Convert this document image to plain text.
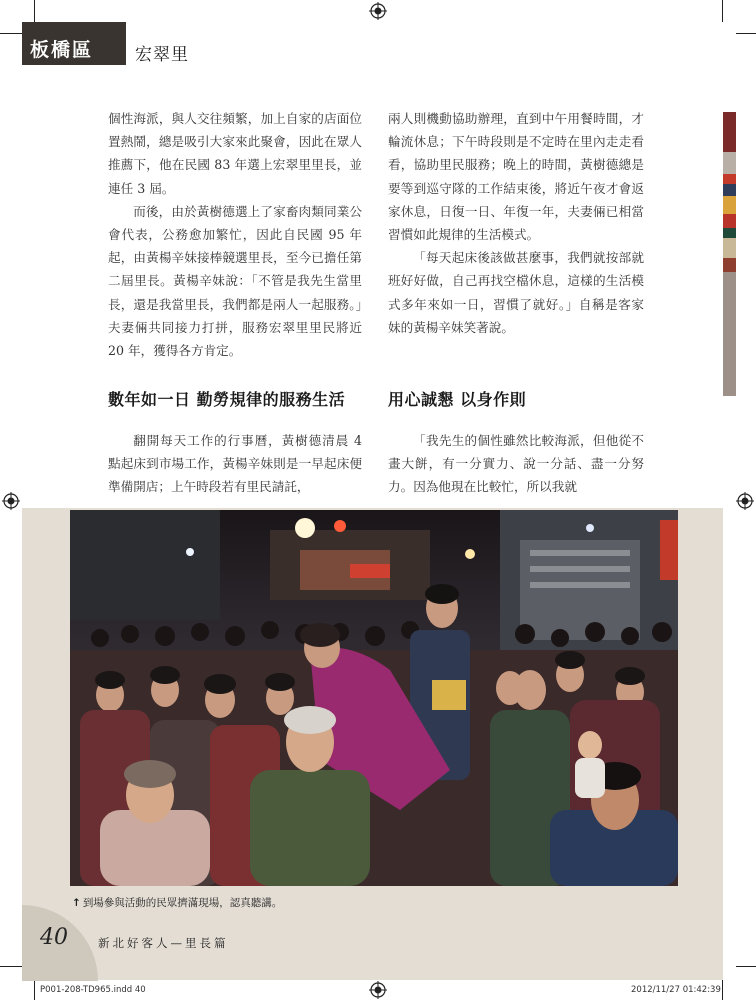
板橋區 宏翠里

個性海派，與人交往頻繁，加上自家的店面位置熱鬧，總是吸引大家來此聚會，因此在眾人推薦下，他在民國 83 年選上宏翠里里長，並連任 3 屆。

而後，由於黃樹德選上了家畜肉類同業公會代表，公務愈加繁忙，因此自民國 95 年起，由黃楊辛妹接棒競選里長，至今已擔任第二屆里長。黃楊辛妹說：「不管是我先生當里長，還是我當里長，我們都是兩人一起服務。」夫妻倆共同接力打拼，服務宏翠里里民將近 20 年，獲得各方肯定。

兩人則機動協助辦理，直到中午用餐時間，才輪流休息；下午時段則是不定時在里內走走看看，協助里民服務；晚上的時間，黃樹德總是要等到巡守隊的工作結束後，將近午夜才會返家休息，日復一日、年復一年，夫妻倆已相當習慣如此規律的生活模式。

「每天起床後該做甚麼事，我們就按部就班好好做，自己再找空檔休息，這樣的生活模式多年來如一日，習慣了就好。」自稱是客家妹的黃楊辛妹笑著說。

數年如一日 勤勞規律的服務生活	用心誠懇 以身作則

翻開每天工作的行事曆，黃樹德清晨 4 點起床到市場工作，黃楊辛妹則是一早起床便準備開店；上午時段若有里民請託，

「我先生的個性雖然比較海派，但他從不畫大餅，有一分實力、說一分話、盡一分努力。因為他現在比較忙，所以我就

↑ 到場參與活動的民眾擠滿現場，認真聽講。
40	新北好客人—里長篇
P001-208-TD965.indd 40	2012/11/27 01:42:39
